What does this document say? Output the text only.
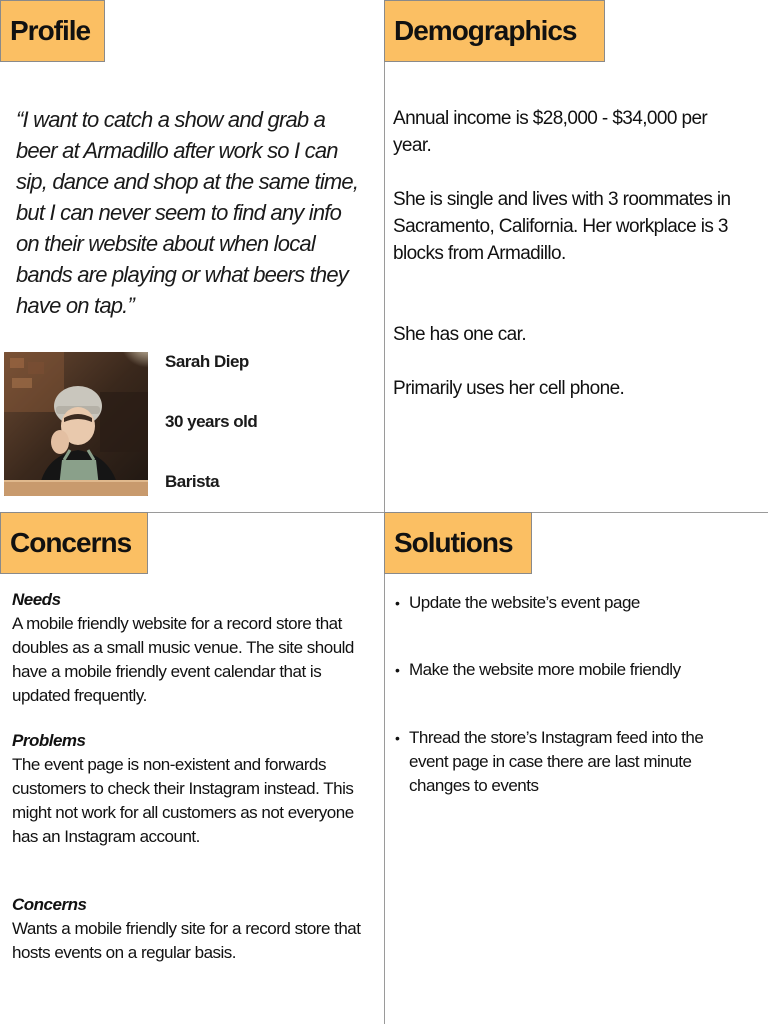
Profile
“I want to catch a show and grab a beer at Armadillo after work so I can sip, dance and shop at the same time, but I can never seem to find any info on their website about when local bands are playing or what beers they have on tap.”
Sarah Diep
30 years old
Barista
Demographics
Annual income is $28,000 - $34,000 per year.
She is single and lives with 3 roommates in Sacramento, California. Her workplace is 3 blocks from Armadillo.
She has one car.
Primarily uses her cell phone.
Concerns
Needs
A mobile friendly website for a record store that doubles as a small music venue. The site should have a mobile friendly event calendar that is updated frequently.
Problems
The event page is non-existent and forwards customers to check their Instagram instead. This might not work for all customers as not everyone has an Instagram account.
Concerns
Wants a mobile friendly site for a record store that hosts events on a regular basis.
Solutions
• Update the website’s event page
• Make the website more mobile friendly
• Thread the store’s Instagram feed into the event page in case there are last minute changes to events
